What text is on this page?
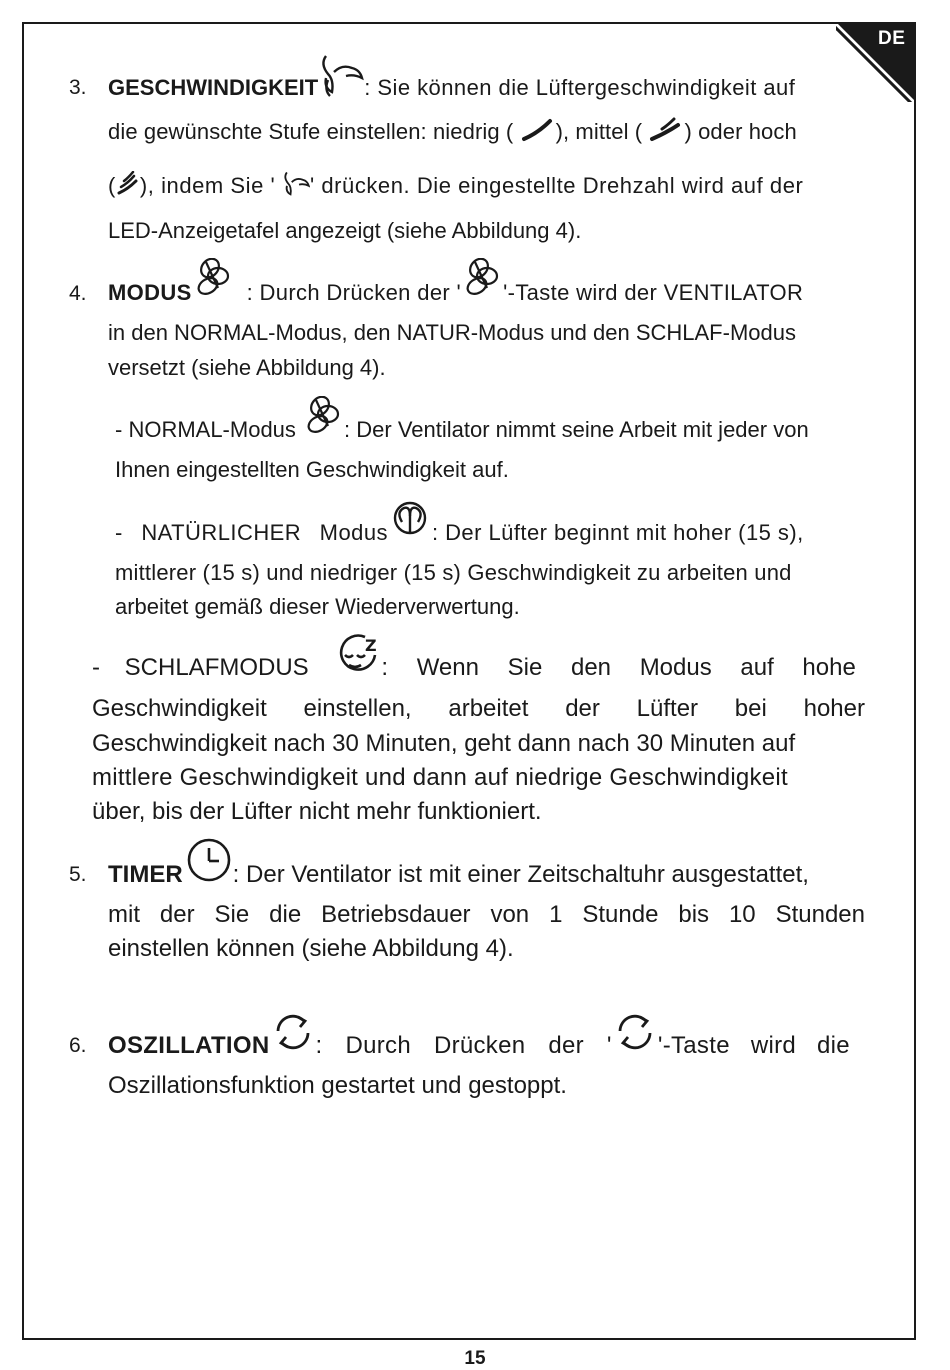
DE
3. GESCHWINDIGKEIT : Sie können die Lüftergeschwindigkeit auf
die gewünschte Stufe einstellen: niedrig ( ), mittel ( ) oder hoch
( ), indem Sie ' ' drücken. Die eingestellte Drehzahl wird auf der
LED-Anzeigetafel angezeigt (siehe Abbildung 4).
4. MODUS : Durch Drücken der ' '-Taste wird der VENTILATOR
in den NORMAL-Modus, den NATUR-Modus und den SCHLAF-Modus
versetzt (siehe Abbildung 4).
- NORMAL-Modus : Der Ventilator nimmt seine Arbeit mit jeder von
Ihnen eingestellten Geschwindigkeit auf.
- NATÜRLICHER Modus : Der Lüfter beginnt mit hoher (15 s),
mittlerer (15 s) und niedriger (15 s) Geschwindigkeit zu arbeiten und
arbeitet gemäß dieser Wiederverwertung.
- SCHLAFMODUS
Z
: Wenn Sie den Modus auf hohe
Geschwindigkeit einstellen, arbeitet der Lüfter bei hoher
Geschwindigkeit nach 30 Minuten, geht dann nach 30 Minuten auf
mittlere Geschwindigkeit und dann auf niedrige Geschwindigkeit
über, bis der Lüfter nicht mehr funktioniert.
5. TIMER : Der Ventilator ist mit einer Zeitschaltuhr ausgestattet,
mit der Sie die Betriebsdauer von 1 Stunde bis 10 Stunden
einstellen können (siehe Abbildung 4).
6. OSZILLATION : Durch Drücken der ' '-Taste wird die
Oszillationsfunktion gestartet und gestoppt.
15
